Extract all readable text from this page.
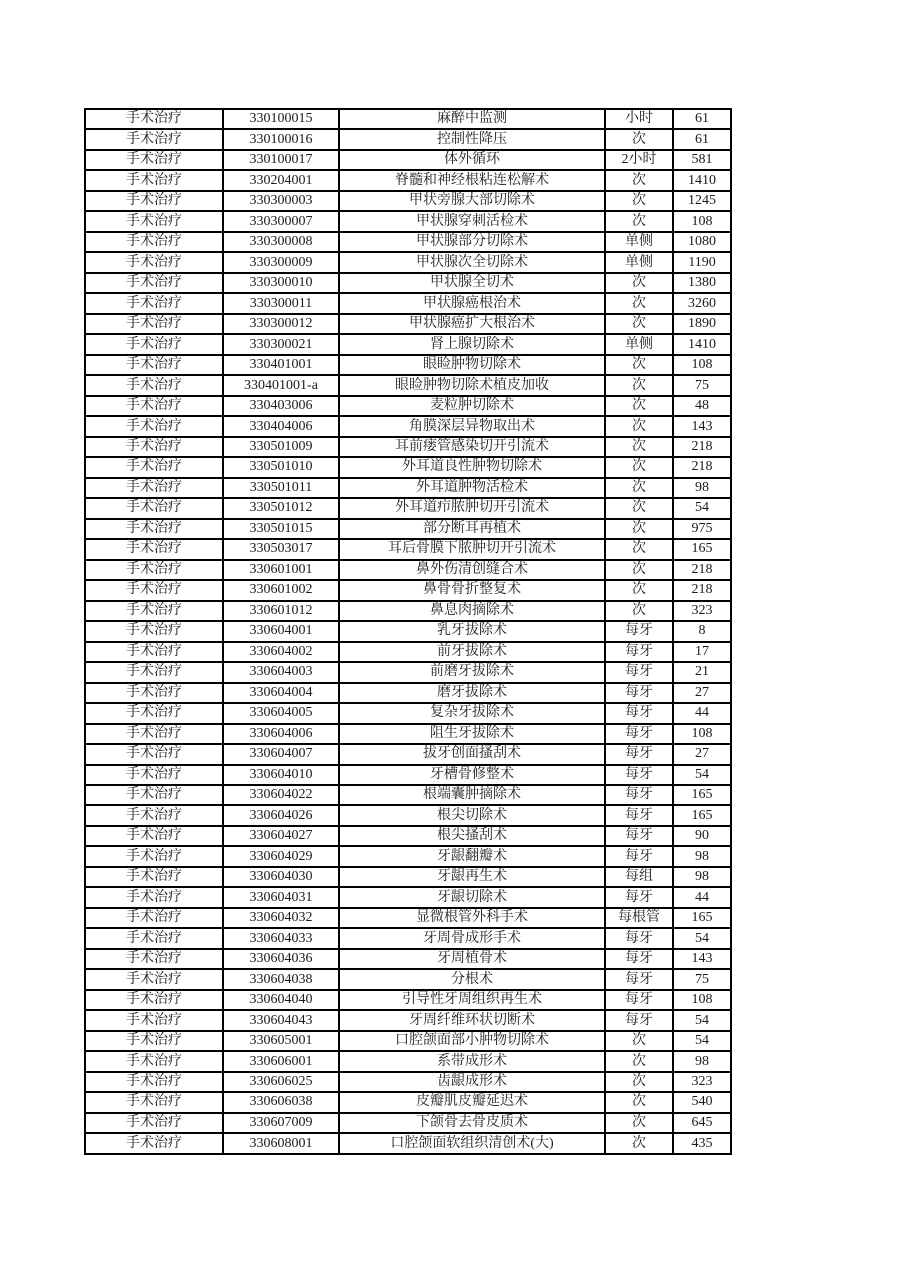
手术治疗	330100015	麻醉中监测	小时	61
手术治疗	330100016	控制性降压	次	61
手术治疗	330100017	体外循环	2小时	581
手术治疗	330204001	脊髓和神经根粘连松解术	次	1410
手术治疗	330300003	甲状旁腺大部切除术	次	1245
手术治疗	330300007	甲状腺穿刺活检术	次	108
手术治疗	330300008	甲状腺部分切除术	单侧	1080
手术治疗	330300009	甲状腺次全切除术	单侧	1190
手术治疗	330300010	甲状腺全切术	次	1380
手术治疗	330300011	甲状腺癌根治术	次	3260
手术治疗	330300012	甲状腺癌扩大根治术	次	1890
手术治疗	330300021	肾上腺切除术	单侧	1410
手术治疗	330401001	眼睑肿物切除术	次	108
手术治疗	330401001-a	眼睑肿物切除术植皮加收	次	75
手术治疗	330403006	麦粒肿切除术	次	48
手术治疗	330404006	角膜深层异物取出术	次	143
手术治疗	330501009	耳前瘘管感染切开引流术	次	218
手术治疗	330501010	外耳道良性肿物切除术	次	218
手术治疗	330501011	外耳道肿物活检术	次	98
手术治疗	330501012	外耳道疖脓肿切开引流术	次	54
手术治疗	330501015	部分断耳再植术	次	975
手术治疗	330503017	耳后骨膜下脓肿切开引流术	次	165
手术治疗	330601001	鼻外伤清创缝合术	次	218
手术治疗	330601002	鼻骨骨折整复术	次	218
手术治疗	330601012	鼻息肉摘除术	次	323
手术治疗	330604001	乳牙拔除术	每牙	8
手术治疗	330604002	前牙拔除术	每牙	17
手术治疗	330604003	前磨牙拔除术	每牙	21
手术治疗	330604004	磨牙拔除术	每牙	27
手术治疗	330604005	复杂牙拔除术	每牙	44
手术治疗	330604006	阻生牙拔除术	每牙	108
手术治疗	330604007	拔牙创面搔刮术	每牙	27
手术治疗	330604010	牙槽骨修整术	每牙	54
手术治疗	330604022	根端囊肿摘除术	每牙	165
手术治疗	330604026	根尖切除术	每牙	165
手术治疗	330604027	根尖搔刮术	每牙	90
手术治疗	330604029	牙龈翻瓣术	每牙	98
手术治疗	330604030	牙龈再生术	每组	98
手术治疗	330604031	牙龈切除术	每牙	44
手术治疗	330604032	显微根管外科手术	每根管	165
手术治疗	330604033	牙周骨成形手术	每牙	54
手术治疗	330604036	牙周植骨术	每牙	143
手术治疗	330604038	分根术	每牙	75
手术治疗	330604040	引导性牙周组织再生术	每牙	108
手术治疗	330604043	牙周纤维环状切断术	每牙	54
手术治疗	330605001	口腔颌面部小肿物切除术	次	54
手术治疗	330606001	系带成形术	次	98
手术治疗	330606025	齿龈成形术	次	323
手术治疗	330606038	皮瓣肌皮瓣延迟术	次	540
手术治疗	330607009	下颌骨去骨皮质术	次	645
手术治疗	330608001	口腔颌面软组织清创术(大)	次	435
